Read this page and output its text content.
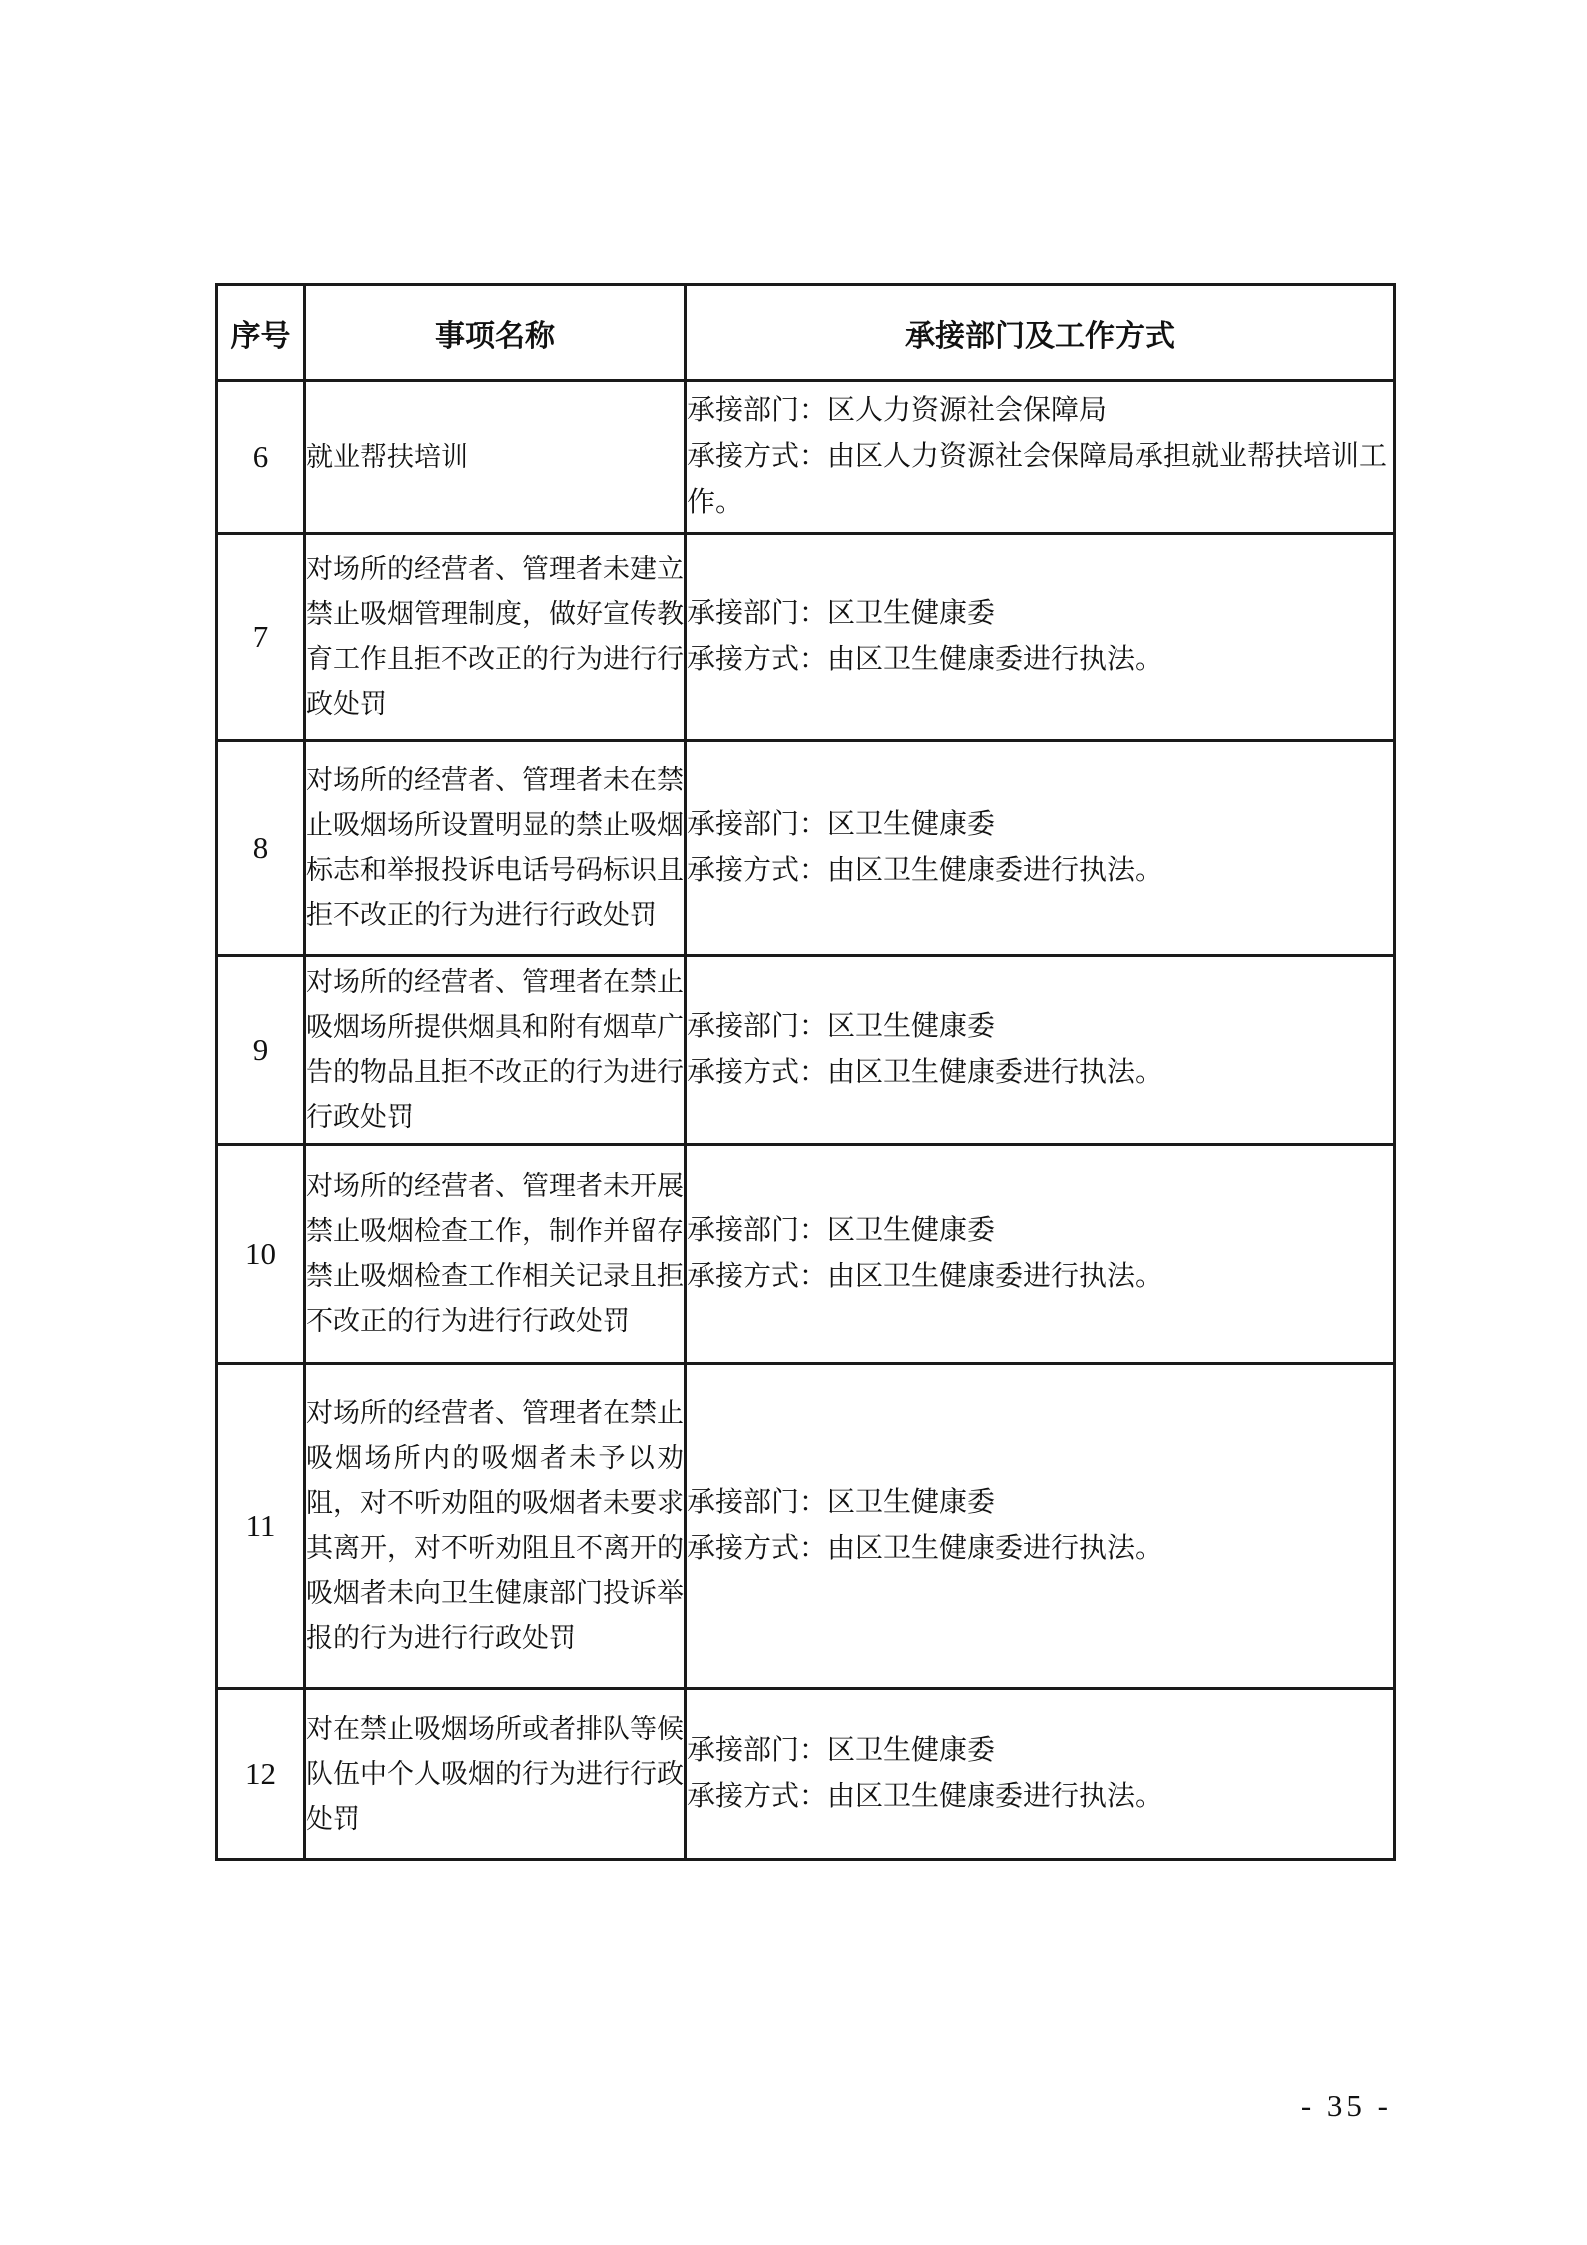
序号	事项名称	承接部门及工作方式
6	就业帮扶培训	承接部门：区人力资源社会保障局
承接方式：由区人力资源社会保障局承担就业帮扶培训工作。

7	对场所的经营者、管理者未建立禁止吸烟管理制度，做好宣传教育工作且拒不改正的行为进行行政处罚	承接部门：区卫生健康委
承接方式：由区卫生健康委进行执法。

8	对场所的经营者、管理者未在禁止吸烟场所设置明显的禁止吸烟标志和举报投诉电话号码标识且拒不改正的行为进行行政处罚	承接部门：区卫生健康委
承接方式：由区卫生健康委进行执法。

9	对场所的经营者、管理者在禁止吸烟场所提供烟具和附有烟草广告的物品且拒不改正的行为进行行政处罚	承接部门：区卫生健康委
承接方式：由区卫生健康委进行执法。

10	对场所的经营者、管理者未开展禁止吸烟检查工作，制作并留存禁止吸烟检查工作相关记录且拒不改正的行为进行行政处罚	承接部门：区卫生健康委
承接方式：由区卫生健康委进行执法。

11	对场所的经营者、管理者在禁止吸烟场所内的吸烟者未予以劝阻，对不听劝阻的吸烟者未要求其离开，对不听劝阻且不离开的吸烟者未向卫生健康部门投诉举报的行为进行行政处罚	承接部门：区卫生健康委
承接方式：由区卫生健康委进行执法。

12	对在禁止吸烟场所或者排队等候队伍中个人吸烟的行为进行行政处罚	承接部门：区卫生健康委
承接方式：由区卫生健康委进行执法。
- 35 -
